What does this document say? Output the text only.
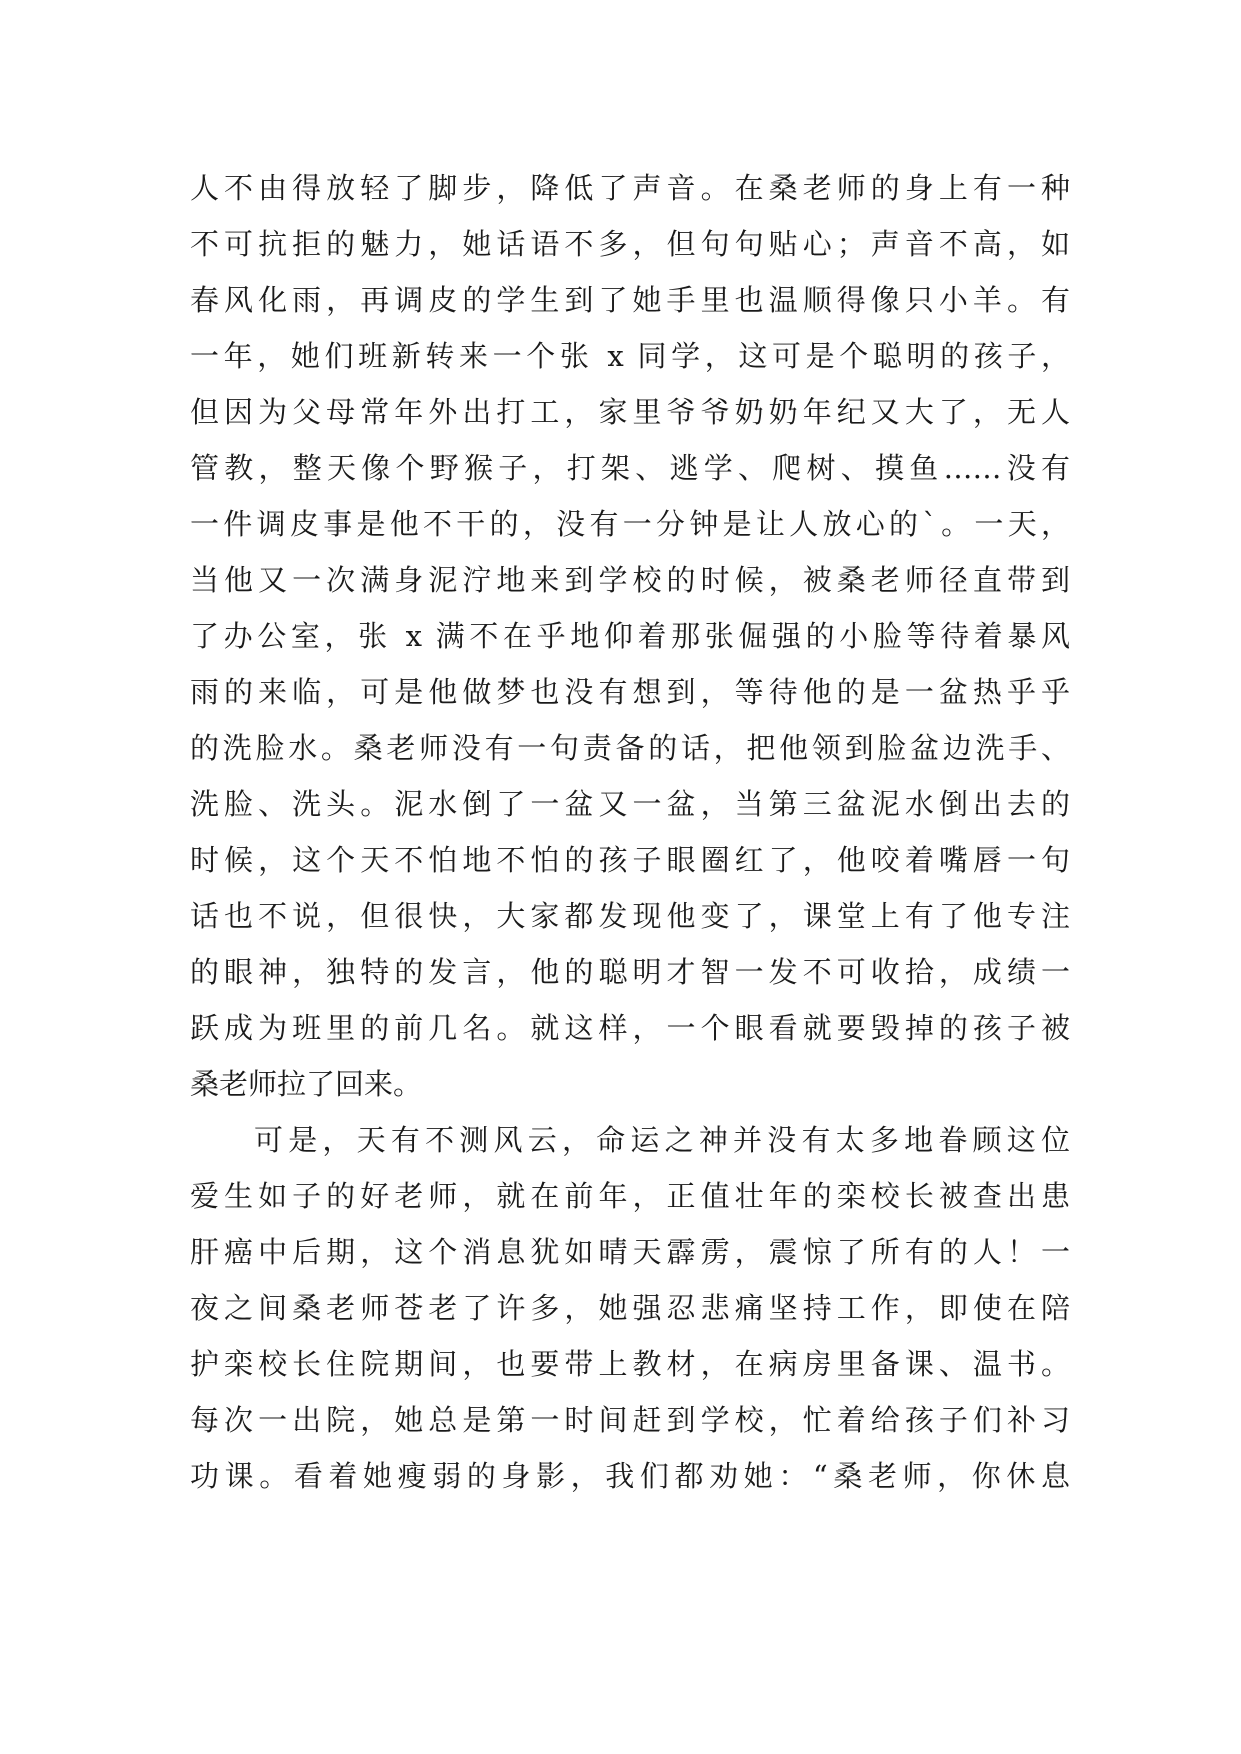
人不由得放轻了脚步，降低了声音。在桑老师的身上有一种
不可抗拒的魅力，她话语不多，但句句贴心；声音不高，如
春风化雨，再调皮的学生到了她手里也温顺得像只小羊。有
一年，她们班新转来一个张 x 同学，这可是个聪明的孩子，
但因为父母常年外出打工，家里爷爷奶奶年纪又大了，无人
管教，整天像个野猴子，打架、逃学、爬树、摸鱼……没有
一件调皮事是他不干的，没有一分钟是让人放心的`。一天，
当他又一次满身泥泞地来到学校的时候，被桑老师径直带到
了办公室，张 x 满不在乎地仰着那张倔强的小脸等待着暴风
雨的来临，可是他做梦也没有想到，等待他的是一盆热乎乎
的洗脸水。桑老师没有一句责备的话，把他领到脸盆边洗手、
洗脸、洗头。泥水倒了一盆又一盆，当第三盆泥水倒出去的
时候，这个天不怕地不怕的孩子眼圈红了，他咬着嘴唇一句
话也不说，但很快，大家都发现他变了，课堂上有了他专注
的眼神，独特的发言，他的聪明才智一发不可收拾，成绩一
跃成为班里的前几名。就这样，一个眼看就要毁掉的孩子被
桑老师拉了回来。
可是，天有不测风云，命运之神并没有太多地眷顾这位
爱生如子的好老师，就在前年，正值壮年的栾校长被查出患
肝癌中后期，这个消息犹如晴天霹雳，震惊了所有的人！一
夜之间桑老师苍老了许多，她强忍悲痛坚持工作，即使在陪
护栾校长住院期间，也要带上教材，在病房里备课、温书。
每次一出院，她总是第一时间赶到学校，忙着给孩子们补习
功课。看着她瘦弱的身影，我们都劝她：“桑老师，你休息
